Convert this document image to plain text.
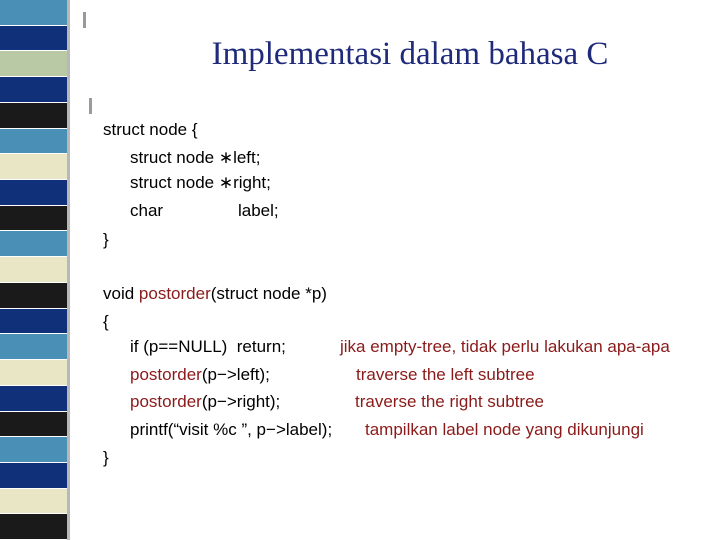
Implementasi dalam bahasa C
struct node {
struct node ∗left;
struct node ∗right;
char	label;
}
void postorder(struct node *p)
{
if (p==NULL)  return;	jika empty-tree, tidak perlu lakukan apa-apa
postorder(p−>left);	traverse the left subtree
postorder(p−>right);	traverse the right subtree
printf(“visit %c ”, p−>label); tampilkan label node yang dikunjungi
}
